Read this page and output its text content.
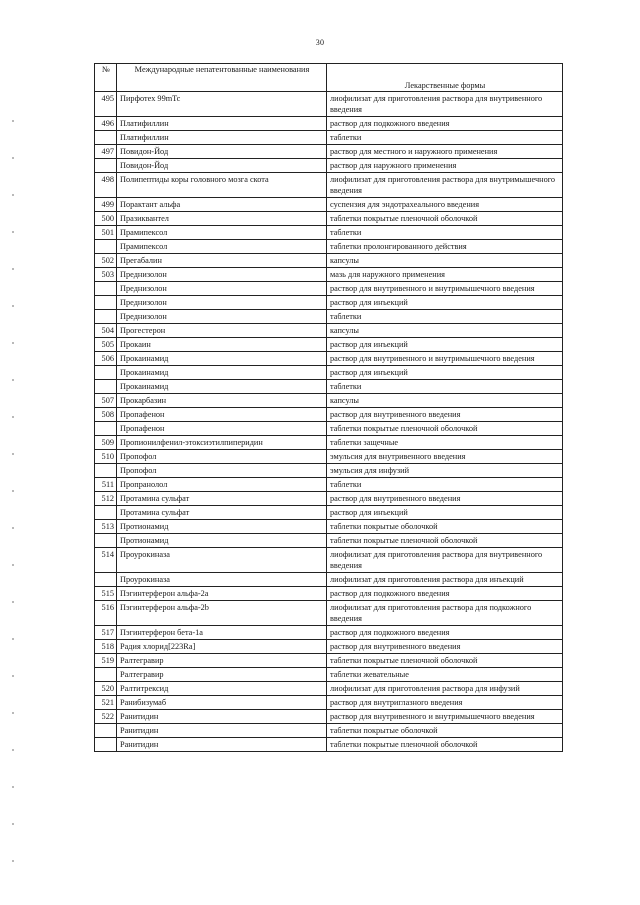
30
№	Международные непатентованные наименования	Лекарственные формы
495	Пирфотех 99mTc	лиофилизат для приготовления раствора для внутривенного введения
496	Платифиллин	раствор для подкожного введения
	Платифиллин	таблетки
497	Повидон-Йод	раствор для местного и наружного применения
	Повидон-Йод	раствор для наружного применения
498	Полипептиды коры головного мозга скота	лиофилизат для приготовления раствора для внутримышечного введения
499	Порактант альфа	суспензия для эндотрахеального введения
500	Празиквантел	таблетки покрытые пленочной оболочкой
501	Прамипексол	таблетки
	Прамипексол	таблетки пролонгированного действия
502	Прегабалин	капсулы
503	Преднизолон	мазь для наружного применения
	Преднизолон	раствор для внутривенного и внутримышечного введения
	Преднизолон	раствор для инъекций
	Преднизолон	таблетки
504	Прогестерон	капсулы
505	Прокаин	раствор для инъекций
506	Прокаинамид	раствор для внутривенного и внутримышечного введения
	Прокаинамид	раствор для инъекций
	Прокаинамид	таблетки
507	Прокарбазин	капсулы
508	Пропафенон	раствор для внутривенного введения
	Пропафенон	таблетки покрытые пленочной оболочкой
509	Пропионилфенил-этоксиэтилпиперидин	таблетки защечные
510	Пропофол	эмульсия для внутривенного введения
	Пропофол	эмульсия для инфузий
511	Пропранолол	таблетки
512	Протамина сульфат	раствор для внутривенного введения
	Протамина сульфат	раствор для инъекций
513	Протионамид	таблетки покрытые оболочкой
	Протионамид	таблетки покрытые пленочной оболочкой
514	Проурокиназа	лиофилизат для приготовления раствора для внутривенного введения
	Проурокиназа	лиофилизат для приготовления раствора для инъекций
515	Пэгинтерферон альфа-2a	раствор для подкожного введения
516	Пэгинтерферон альфа-2b	лиофилизат для приготовления раствора для подкожного введения
517	Пэгинтерферон бета-1a	раствор для подкожного введения
518	Радия хлорид[223Ra]	раствор для внутривенного введения
519	Ралтегравир	таблетки покрытые пленочной оболочкой
	Ралтегравир	таблетки жевательные
520	Ралтитрексид	лиофилизат для приготовления раствора для инфузий
521	Ранибизумаб	раствор для внутриглазного введения
522	Ранитидин	раствор для внутривенного и внутримышечного введения
	Ранитидин	таблетки покрытые оболочкой
	Ранитидин	таблетки покрытые пленочной оболочкой
